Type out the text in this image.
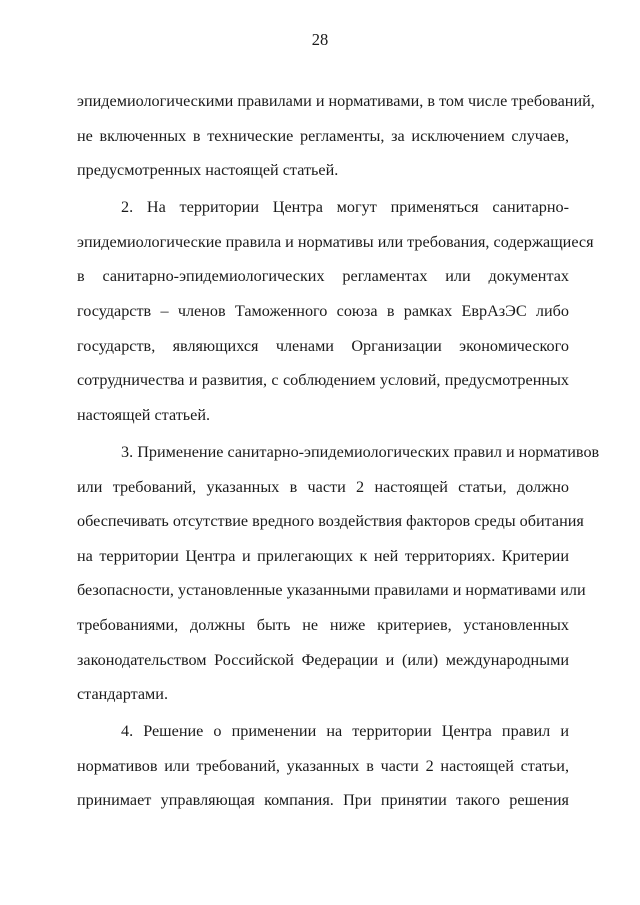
28
эпидемиологическими правилами и нормативами, в том числе требований,
не включенных в технические регламенты, за исключением случаев,
предусмотренных настоящей статьей.
2. На территории Центра могут применяться санитарно-
эпидемиологические правила и нормативы или требования, содержащиеся
в санитарно-эпидемиологических регламентах или документах
государств – членов Таможенного союза в рамках ЕврАзЭС либо
государств, являющихся членами Организации экономического
сотрудничества и развития, с соблюдением условий, предусмотренных
настоящей статьей.
3. Применение санитарно-эпидемиологических правил и нормативов
или требований, указанных в части 2 настоящей статьи, должно
обеспечивать отсутствие вредного воздействия факторов среды обитания
на территории Центра и прилегающих к ней территориях. Критерии
безопасности, установленные указанными правилами и нормативами или
требованиями, должны быть не ниже критериев, установленных
законодательством Российской Федерации и (или) международными
стандартами.
4. Решение о применении на территории Центра правил и
нормативов или требований, указанных в части 2 настоящей статьи,
принимает управляющая компания. При принятии такого решения
